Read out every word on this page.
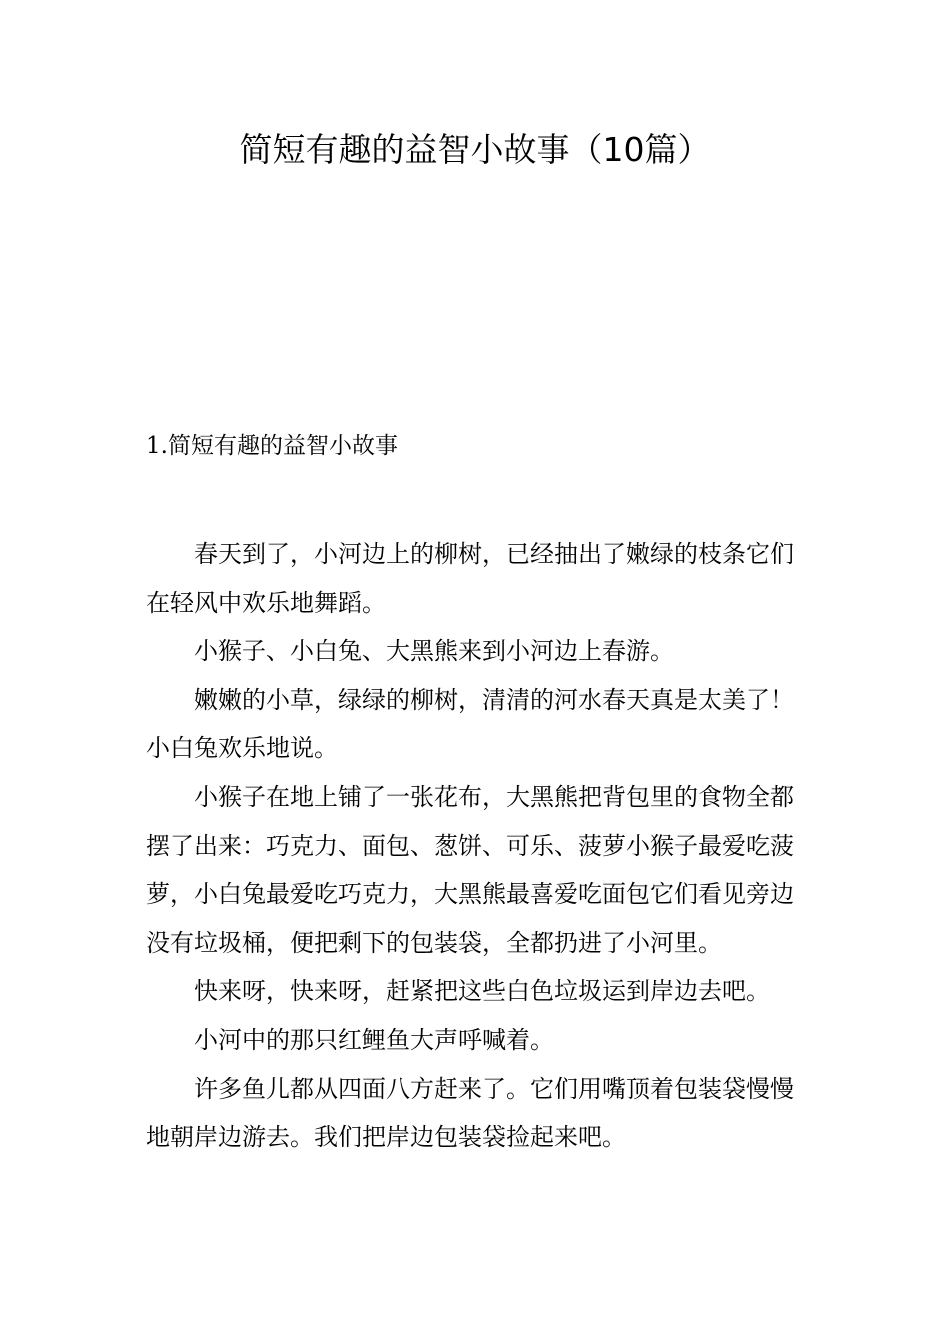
简短有趣的益智小故事（10篇）
1.简短有趣的益智小故事

春天到了，小河边上的柳树，已经抽出了嫩绿的枝条它们在轻风中欢乐地舞蹈。

小猴子、小白兔、大黑熊来到小河边上春游。

嫩嫩的小草，绿绿的柳树，清清的河水春天真是太美了！小白兔欢乐地说。

小猴子在地上铺了一张花布，大黑熊把背包里的食物全都摆了出来：巧克力、面包、葱饼、可乐、菠萝小猴子最爱吃菠萝，小白兔最爱吃巧克力，大黑熊最喜爱吃面包它们看见旁边没有垃圾桶，便把剩下的包装袋，全都扔进了小河里。

快来呀，快来呀，赶紧把这些白色垃圾运到岸边去吧。

小河中的那只红鲤鱼大声呼喊着。

许多鱼儿都从四面八方赶来了。它们用嘴顶着包装袋慢慢地朝岸边游去。我们把岸边包装袋捡起来吧。
